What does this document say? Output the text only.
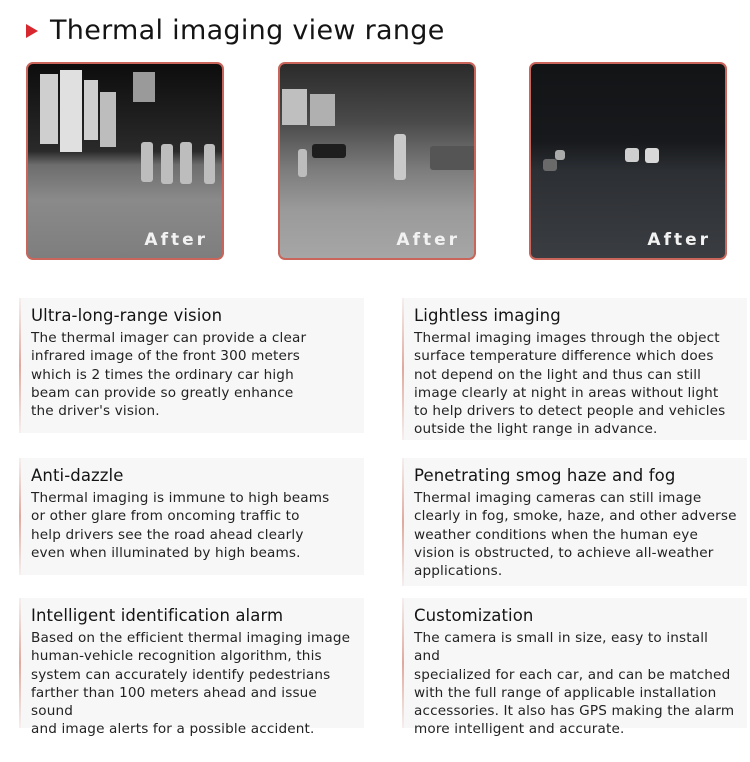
Thermal imaging view range
After	After	After
Ultra-long-range vision

The thermal imager can provide a clear
infrared image of the front 300 meters
which is 2 times the ordinary car high
beam can provide so greatly enhance
the driver's vision.

Lightless imaging

Thermal imaging images through the object
surface temperature difference which does
not depend on the light and thus can still
image clearly at night in areas without light
to help drivers to detect people and vehicles
outside the light range in advance.

Anti-dazzle

Thermal imaging is immune to high beams
or other glare from oncoming traffic to
help drivers see the road ahead clearly
even when illuminated by high beams.

Penetrating smog haze and fog

Thermal imaging cameras can still image
clearly in fog, smoke, haze, and other adverse
weather conditions when the human eye
vision is obstructed, to achieve all-weather
applications.

Intelligent identification alarm

Based on the efficient thermal imaging image
human-vehicle recognition algorithm, this
system can accurately identify pedestrians
farther than 100 meters ahead and issue sound
and image alerts for a possible accident.

Customization

The camera is small in size, easy to install and
specialized for each car, and can be matched
with the full range of applicable installation
accessories. It also has GPS making the alarm
more intelligent and accurate.
